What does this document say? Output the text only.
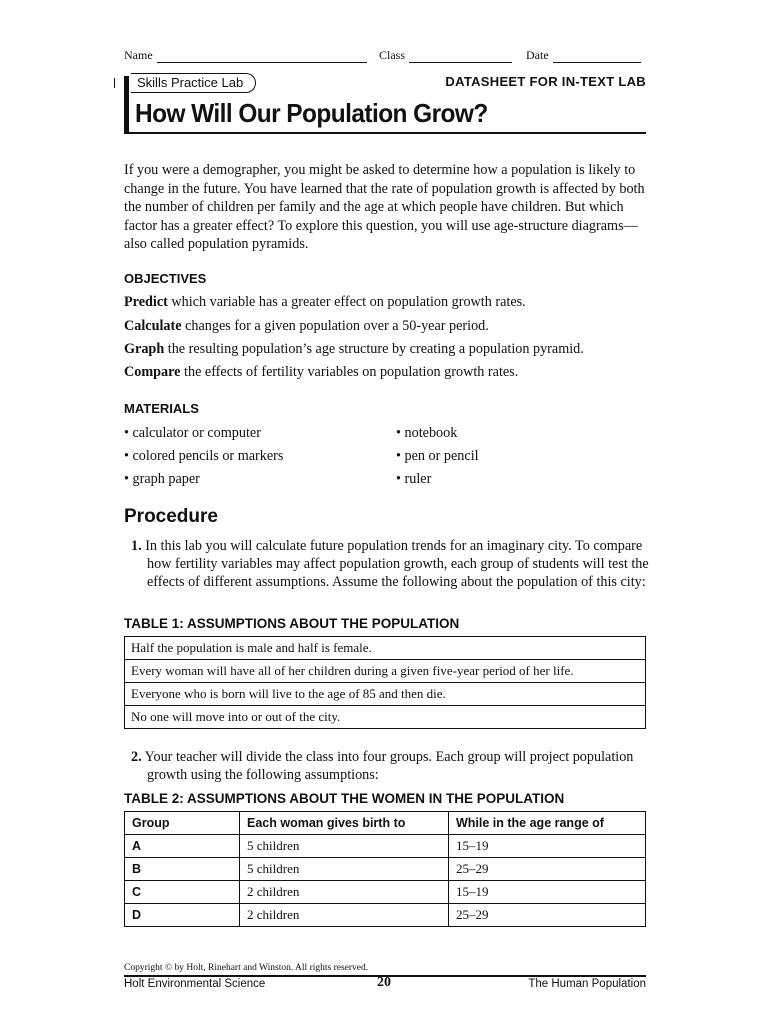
Name	Class	Date
Skills Practice Lab	DATASHEET FOR IN-TEXT LAB
How Will Our Population Grow?

If you were a demographer, you might be asked to determine how a population is likely to change in the future. You have learned that the rate of population growth is affected by both the number of children per family and the age at which people have children. But which factor has a greater effect? To explore this question, you will use age-structure diagrams—also called population pyramids.

OBJECTIVES

Predict which variable has a greater effect on population growth rates.

Calculate changes for a given population over a 50-year period.

Graph the resulting population’s age structure by creating a population pyramid.

Compare the effects of fertility variables on population growth rates.

MATERIALS

• calculator or computer	• notebook

• colored pencils or markers	• pen or pencil

• graph paper	• ruler

Procedure

1. In this lab you will calculate future population trends for an imaginary city. To compare how fertility variables may affect population growth, each group of students will test the effects of different assumptions. Assume the following about the population of this city:

TABLE 1: ASSUMPTIONS ABOUT THE POPULATION
Half the population is male and half is female.
Every woman will have all of her children during a given five-year period of her life.
Everyone who is born will live to the age of 85 and then die.
No one will move into or out of the city.

2. Your teacher will divide the class into four groups. Each group will project population growth using the following assumptions:

TABLE 2: ASSUMPTIONS ABOUT THE WOMEN IN THE POPULATION
Group	Each woman gives birth to	While in the age range of
A	5 children	15–19
B	5 children	25–29
C	2 children	15–19
D	2 children	25–29

Copyright © by Holt, Rinehart and Winston. All rights reserved.

Holt Environmental Science	20	The Human Population
